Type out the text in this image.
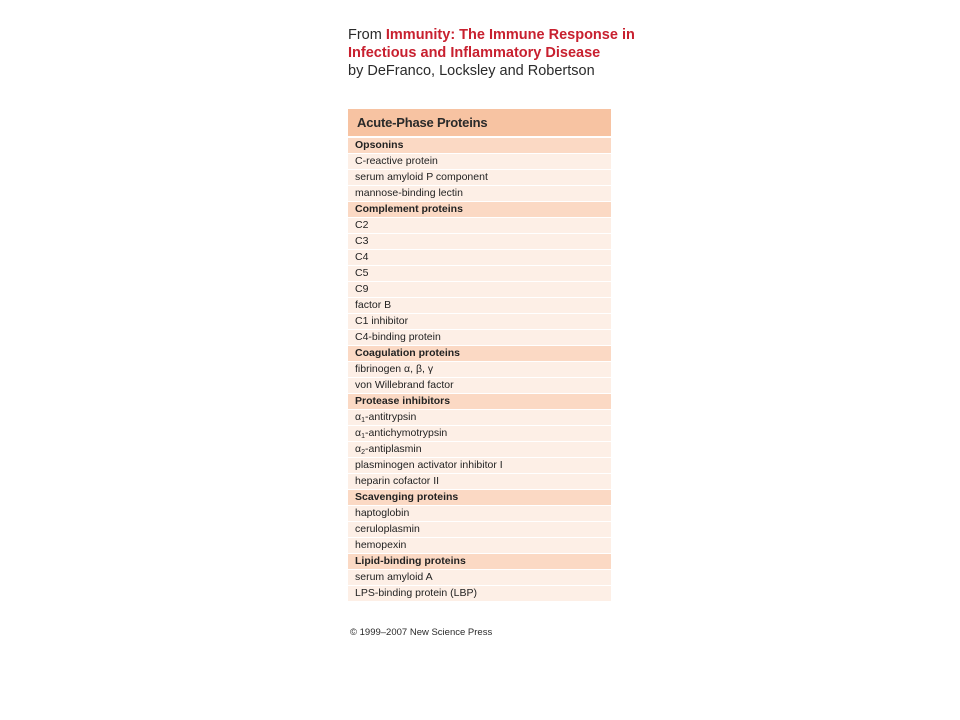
From Immunity: The Immune Response in
Infectious and Inflammatory Disease
by DeFranco, Locksley and Robertson
Acute-Phase Proteins
Opsonins
C-reactive protein
serum amyloid P component
mannose-binding lectin
Complement proteins
C2
C3
C4
C5
C9
factor B
C1 inhibitor
C4-binding protein
Coagulation proteins
fibrinogen α, β, γ
von Willebrand factor
Protease inhibitors
$\alpha_1$-antitrypsin
$\alpha_1$-antichymotrypsin
$\alpha_2$-antiplasmin
plasminogen activator inhibitor I
heparin cofactor II
Scavenging proteins
haptoglobin
ceruloplasmin
hemopexin
Lipid-binding proteins
serum amyloid A
LPS-binding protein (LBP)
© 1999–2007 New Science Press
